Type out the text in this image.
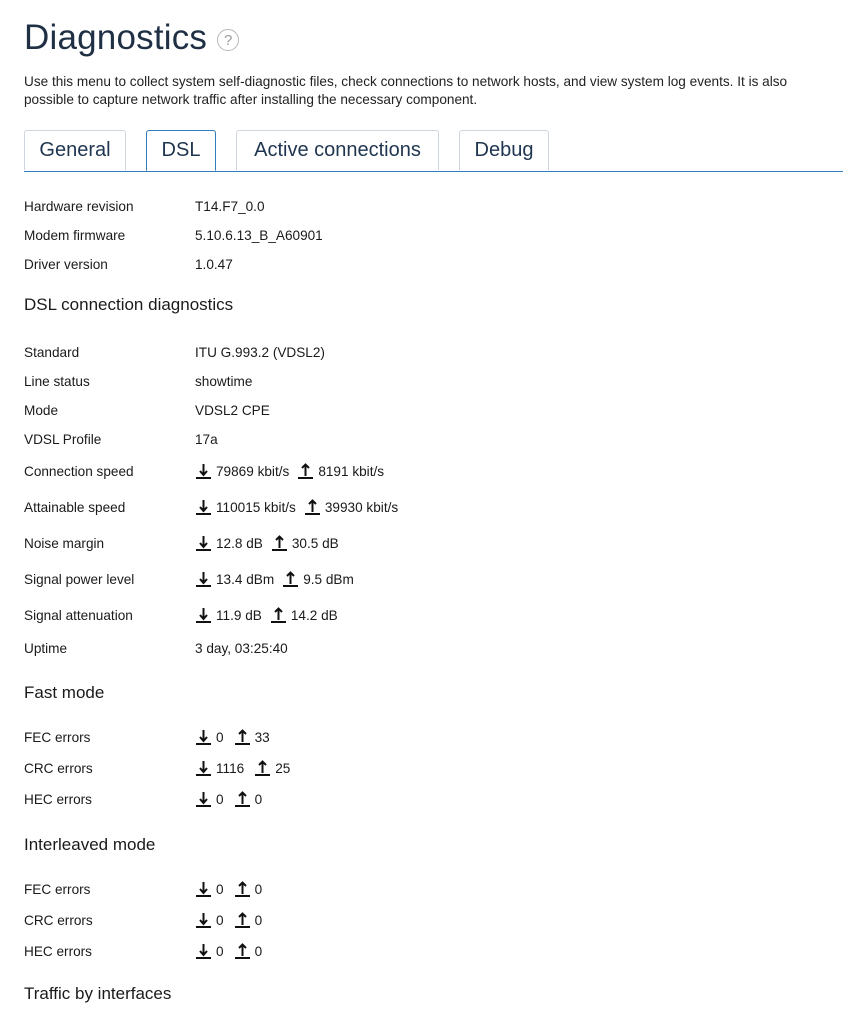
Diagnostics	?
Use this menu to collect system self-diagnostic files, check connections to network hosts, and view system log events. It is also possible to capture network traffic after installing the necessary component.
General	DSL	Active connections	Debug
Hardware revision	T14.F7_0.0
Modem firmware	5.10.6.13_B_A60901
Driver version	1.0.47
DSL connection diagnostics
Standard	ITU G.993.2 (VDSL2)
Line status	showtime
Mode	VDSL2 CPE
VDSL Profile	17a
Connection speed	79869 kbit/s 8191 kbit/s
Attainable speed	110015 kbit/s 39930 kbit/s
Noise margin	12.8 dB 30.5 dB
Signal power level	13.4 dBm 9.5 dBm
Signal attenuation	11.9 dB 14.2 dB
Uptime	3 day, 03:25:40
Fast mode
FEC errors	0 33
CRC errors	1116 25
HEC errors	0 0
Interleaved mode
FEC errors	0 0
CRC errors	0 0
HEC errors	0 0
Traffic by interfaces
